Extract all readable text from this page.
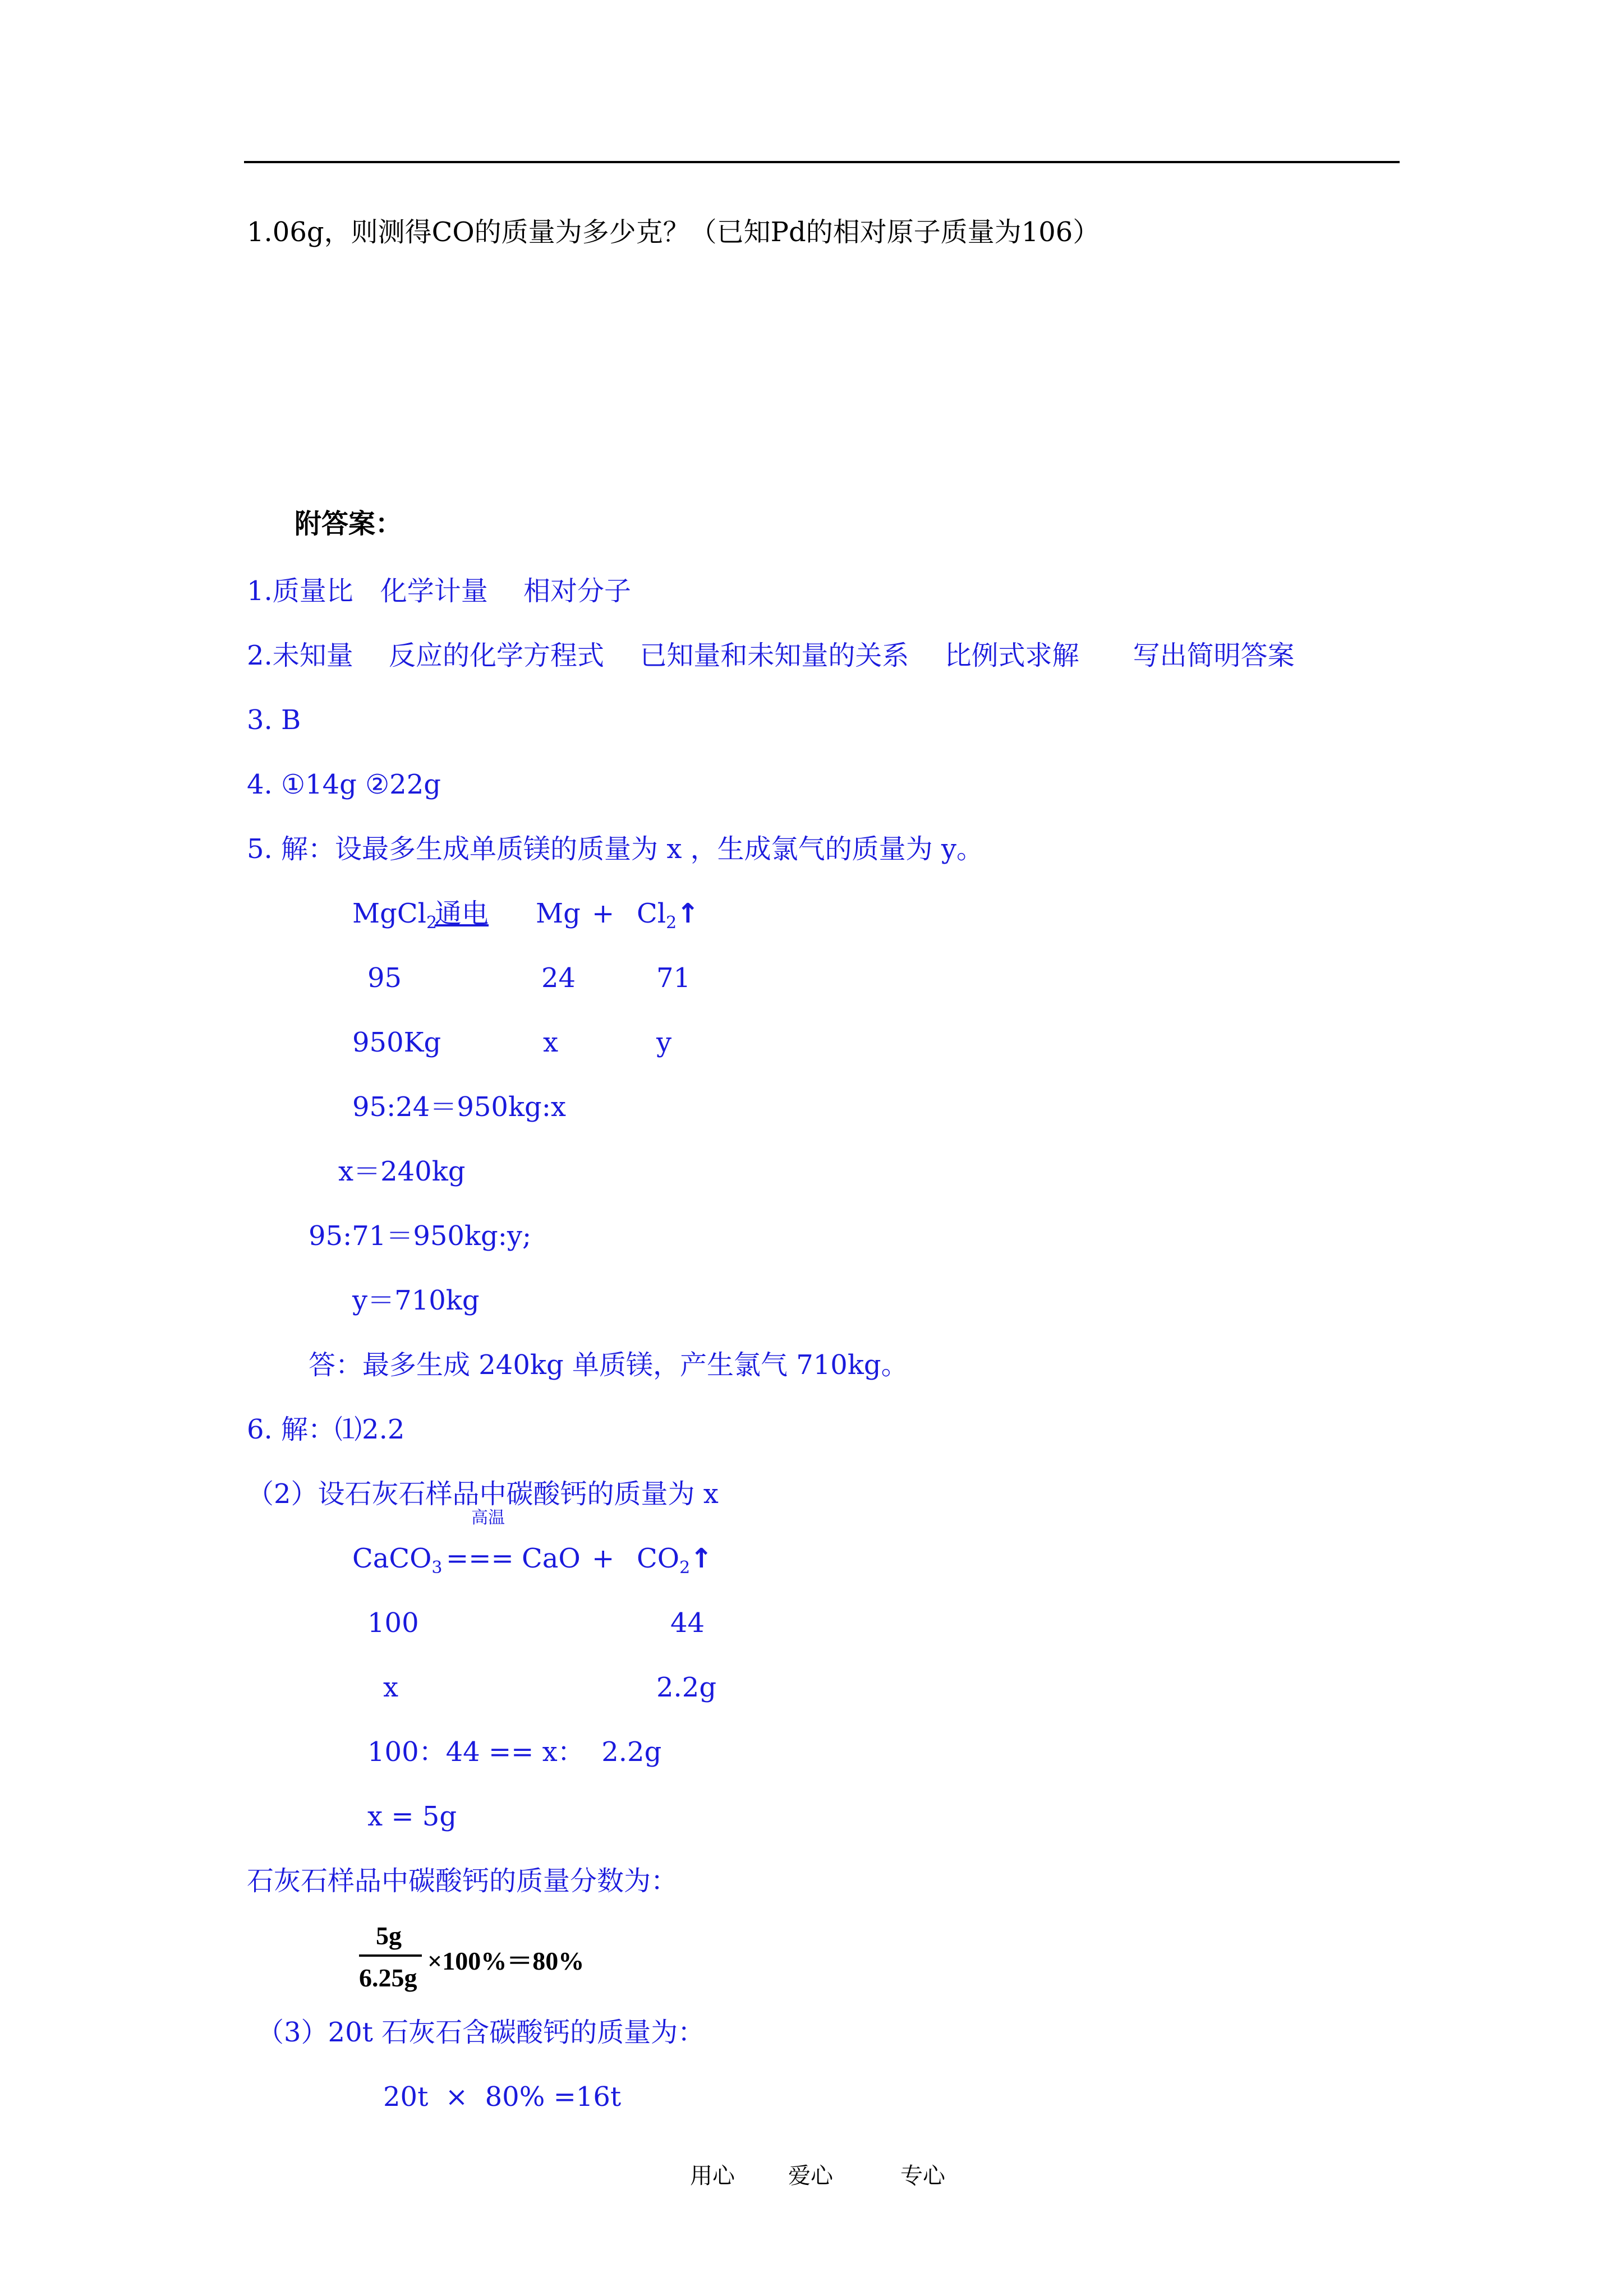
1.06g，则测得CO的质量为多少克？（已知Pd的相对原子质量为106）
附答案：
1.质量比　化学计量　 相对分子
2.未知量　 反应的化学方程式　 已知量和未知量的关系　 比例式求解　　写出简明答案
3. B
4. ①14g ②22g
5. 解：设最多生成单质镁的质量为 x ，生成氯气的质量为 y。
MgCl$_2$
通电 $Mg + Cl_2↑$
95	24	71
950Kg	x	y
95:24＝950kg:x
x＝240kg
95:71＝950kg:y;
y＝710kg
答：最多生成 240kg 单质镁，产生氯气 710kg。
6. 解：⑴2.2
（2）设石灰石样品中碳酸钙的质量为 x
高温
CaCO$_3$ === CaO + $CO_2↑$
100	44
x	2.2g
100：44 == x：  2.2g
x = 5g
石灰石样品中碳酸钙的质量分数为：
5g
6.25g
×100%＝80%
（3）20t 石灰石含碳酸钙的质量为：
20t  ×  80% =16t
用心 爱心	专心
